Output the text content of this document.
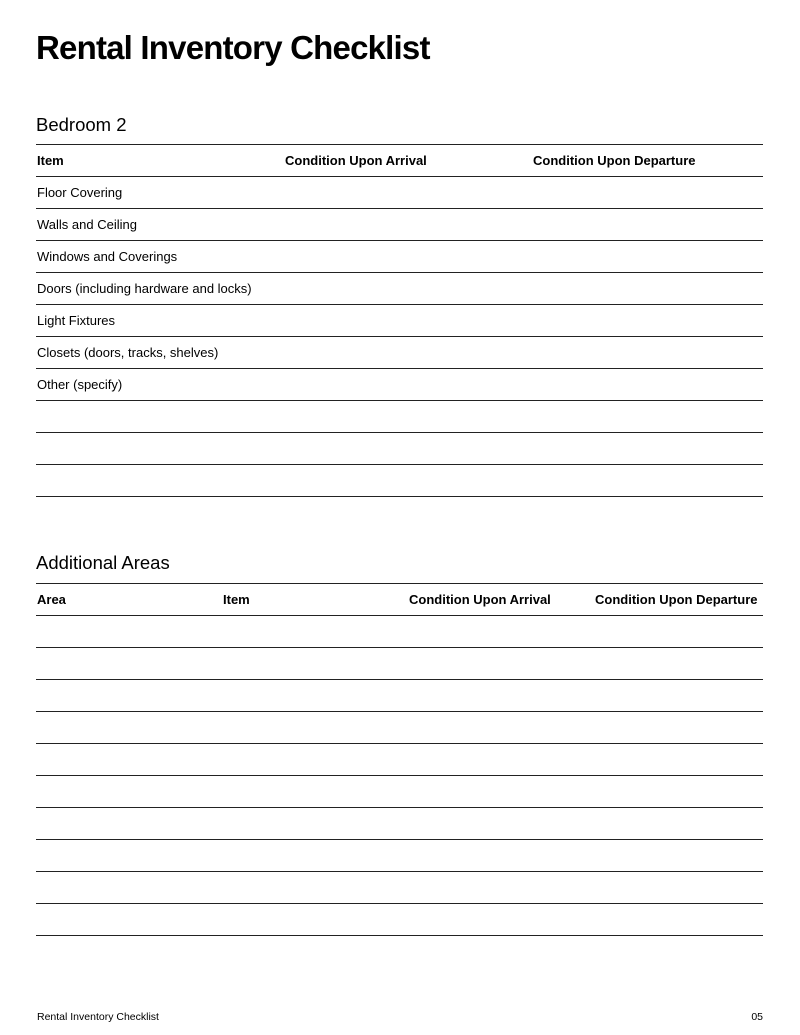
Rental Inventory Checklist
Bedroom 2
Item	Condition Upon Arrival	Condition Upon Departure
Floor Covering
Walls and Ceiling
Windows and Coverings
Doors (including hardware and locks)
Light Fixtures
Closets (doors, tracks, shelves)
Other (specify)
Additional Areas
Area	Item	Condition Upon Arrival	Condition Upon Departure
Rental Inventory Checklist	05
